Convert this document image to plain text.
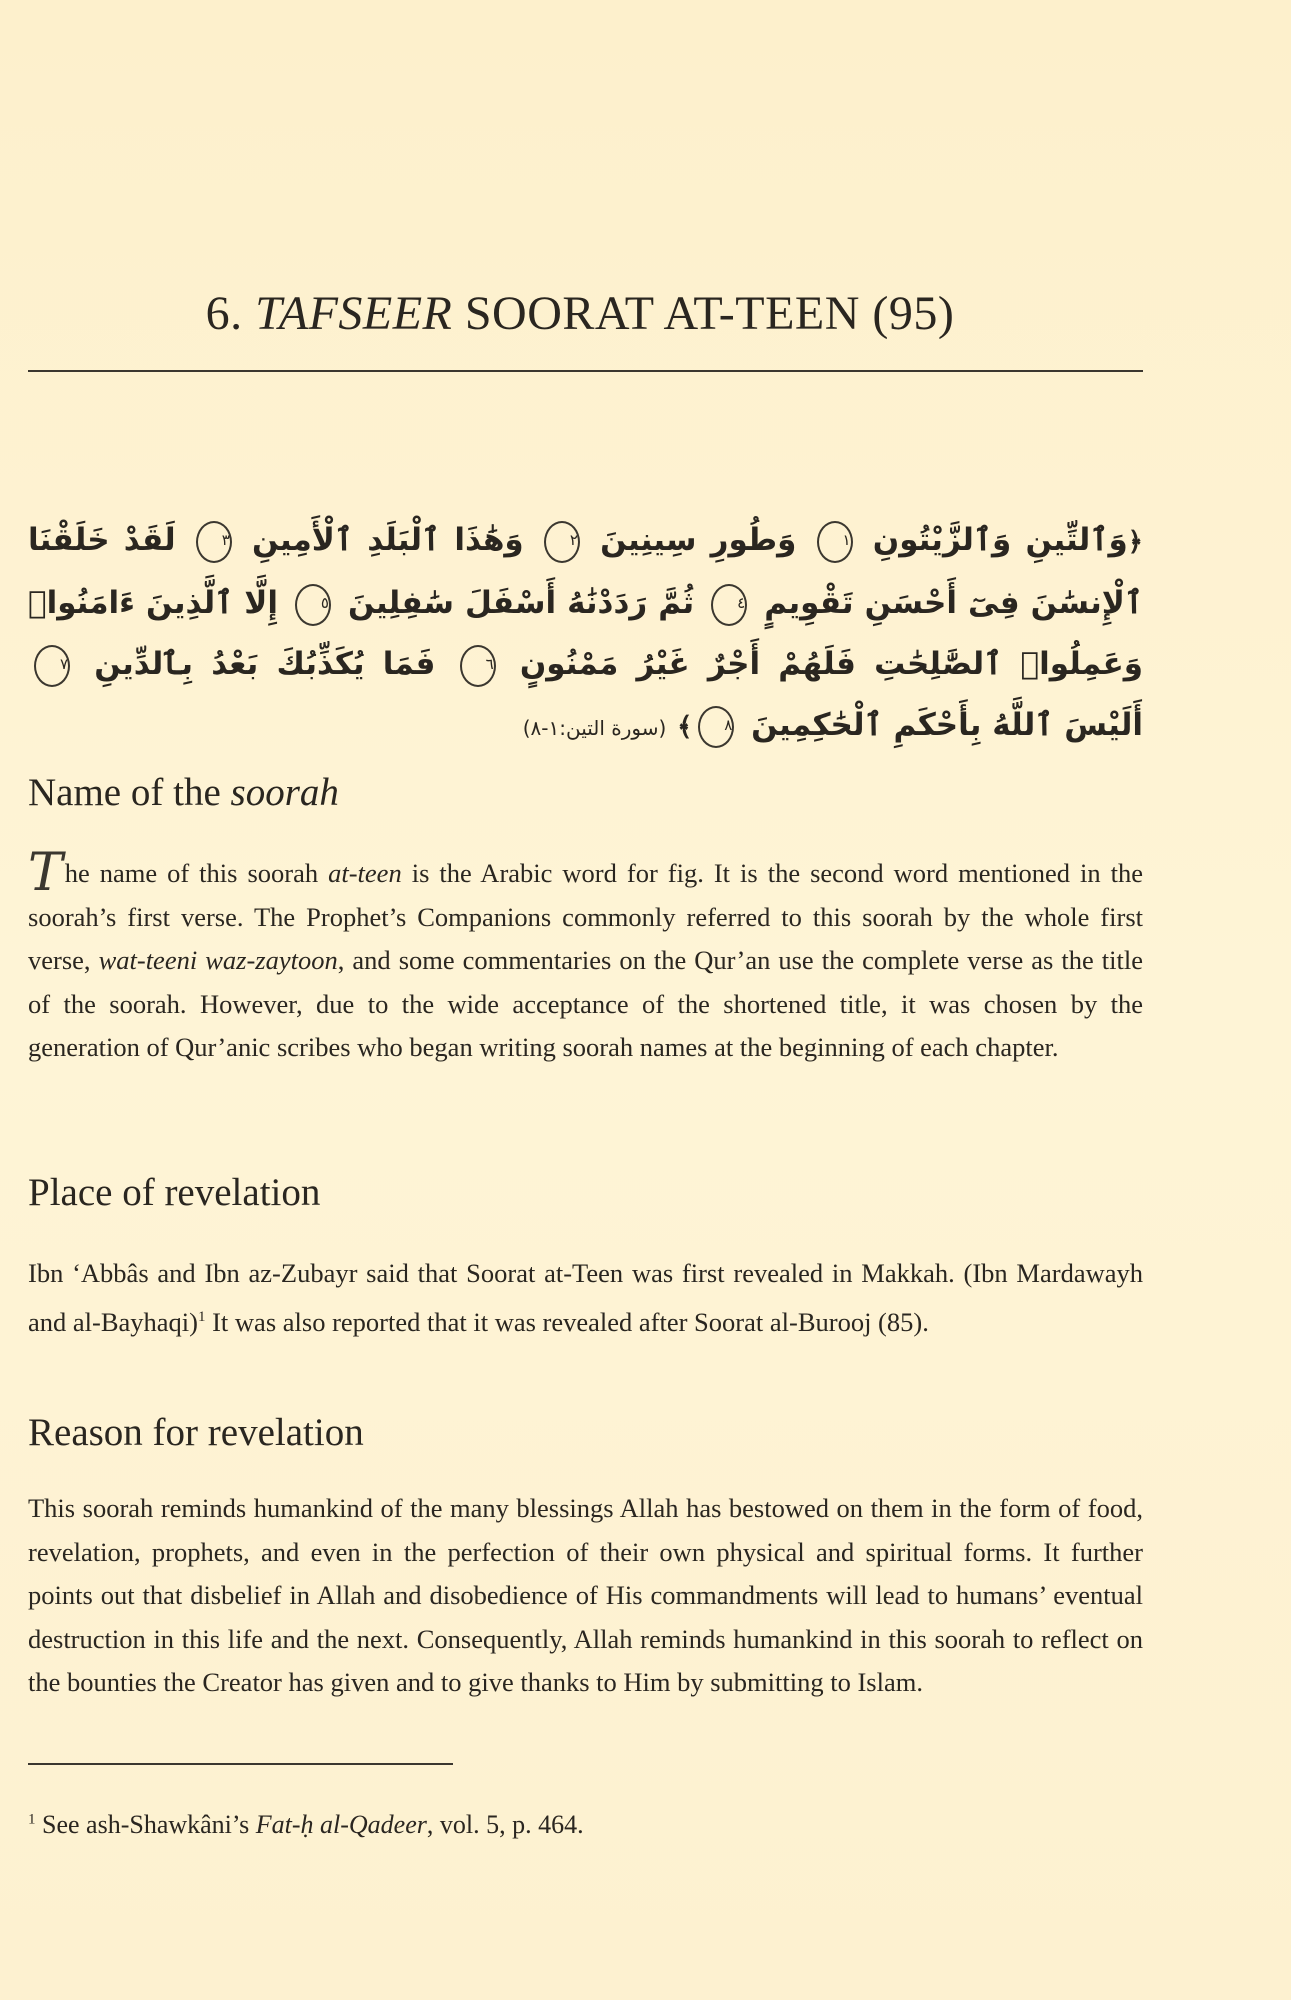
6. TAFSEER SOORAT AT-TEEN (95)
﴿وَٱلتِّينِ وَٱلزَّيْتُونِ ١ وَطُورِ سِينِينَ ٢ وَهَٰذَا ٱلْبَلَدِ ٱلْأَمِينِ ٣ لَقَدْ خَلَقْنَا ٱلْإِنسَٰنَ فِىٓ أَحْسَنِ تَقْوِيمٍ ٤ ثُمَّ رَدَدْنَٰهُ أَسْفَلَ سَٰفِلِينَ ٥ إِلَّا ٱلَّذِينَ ءَامَنُوا۟ وَعَمِلُوا۟ ٱلصَّٰلِحَٰتِ فَلَهُمْ أَجْرٌ غَيْرُ مَمْنُونٍ ٦ فَمَا يُكَذِّبُكَ بَعْدُ بِٱلدِّينِ ٧ أَلَيْسَ ٱللَّهُ بِأَحْكَمِ ٱلْحَٰكِمِينَ ٨﴾ (سورة التين:١-٨)
Name of the soorah

The name of this soorah at-teen is the Arabic word for fig. It is the second word mentioned in the soorah’s first verse. The Prophet’s Companions commonly referred to this soorah by the whole first verse, wat-teeni waz-zaytoon, and some commentaries on the Qur’an use the complete verse as the title of the soorah. However, due to the wide acceptance of the shortened title, it was chosen by the generation of Qur’anic scribes who began writing soorah names at the beginning of each chapter.

Place of revelation

Ibn ‘Abbâs and Ibn az-Zubayr said that Soorat at-Teen was first revealed in Makkah. (Ibn Mardawayh and al-Bayhaqi)$^1$ It was also reported that it was revealed after Soorat al-Burooj (85).

Reason for revelation

This soorah reminds humankind of the many blessings Allah has bestowed on them in the form of food, revelation, prophets, and even in the perfection of their own physical and spiritual forms. It further points out that disbelief in Allah and disobedience of His commandments will lead to humans’ eventual destruction in this life and the next. Consequently, Allah reminds humankind in this soorah to reflect on the bounties the Creator has given and to give thanks to Him by submitting to Islam.

$^1$ See ash-Shawkâni’s Fat-ḥ al-Qadeer, vol. 5, p. 464.
